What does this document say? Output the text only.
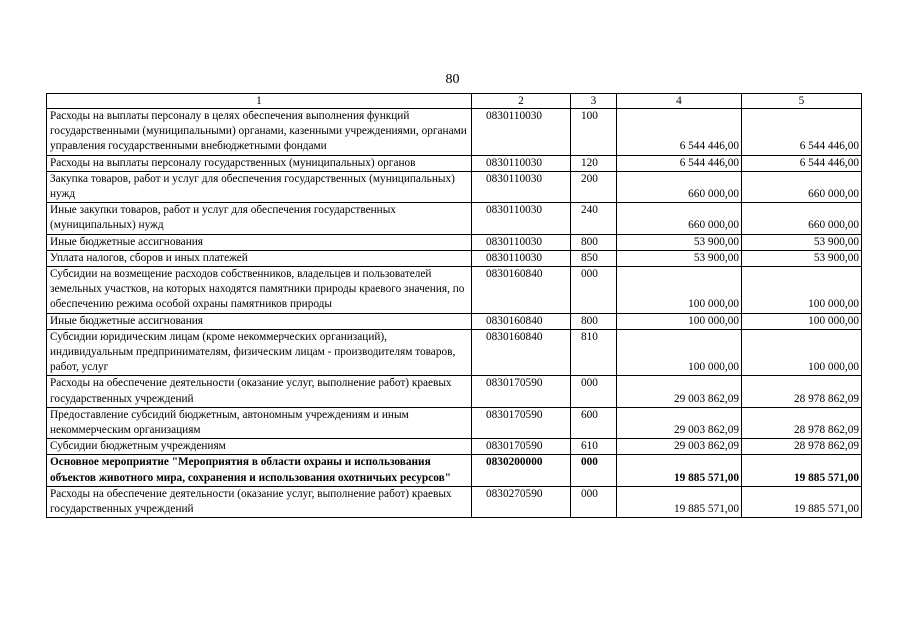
80
1	2	3	4	5
Расходы на выплаты персоналу в целях обеспечения выполнения функций государственными (муниципальными) органами, казенными учреждениями, органами управления государственными внебюджетными фондами	0830110030	100	6 544 446,00	6 544 446,00
Расходы на выплаты персоналу государственных (муниципальных) органов	0830110030	120	6 544 446,00	6 544 446,00
Закупка товаров, работ и услуг для обеспечения государственных (муниципальных) нужд	0830110030	200	660 000,00	660 000,00
Иные закупки товаров, работ и услуг для обеспечения государственных (муниципальных) нужд	0830110030	240	660 000,00	660 000,00
Иные бюджетные ассигнования	0830110030	800	53 900,00	53 900,00
Уплата налогов, сборов и иных платежей	0830110030	850	53 900,00	53 900,00
Субсидии на возмещение расходов собственников, владельцев и пользователей земельных участков, на которых находятся памятники природы краевого значения, по обеспечению режима особой охраны памятников природы	0830160840	000	100 000,00	100 000,00
Иные бюджетные ассигнования	0830160840	800	100 000,00	100 000,00
Субсидии юридическим лицам (кроме некоммерческих организаций), индивидуальным предпринимателям, физическим лицам - производителям товаров, работ, услуг	0830160840	810	100 000,00	100 000,00
Расходы на обеспечение деятельности (оказание услуг, выполнение работ) краевых государственных учреждений	0830170590	000	29 003 862,09	28 978 862,09
Предоставление субсидий бюджетным, автономным учреждениям и иным некоммерческим организациям	0830170590	600	29 003 862,09	28 978 862,09
Субсидии бюджетным учреждениям	0830170590	610	29 003 862,09	28 978 862,09
Основное мероприятие "Мероприятия в области охраны и использования объектов животного мира, сохранения и использования охотничьих ресурсов"	0830200000	000	19 885 571,00	19 885 571,00
Расходы на обеспечение деятельности (оказание услуг, выполнение работ) краевых государственных учреждений	0830270590	000	19 885 571,00	19 885 571,00
